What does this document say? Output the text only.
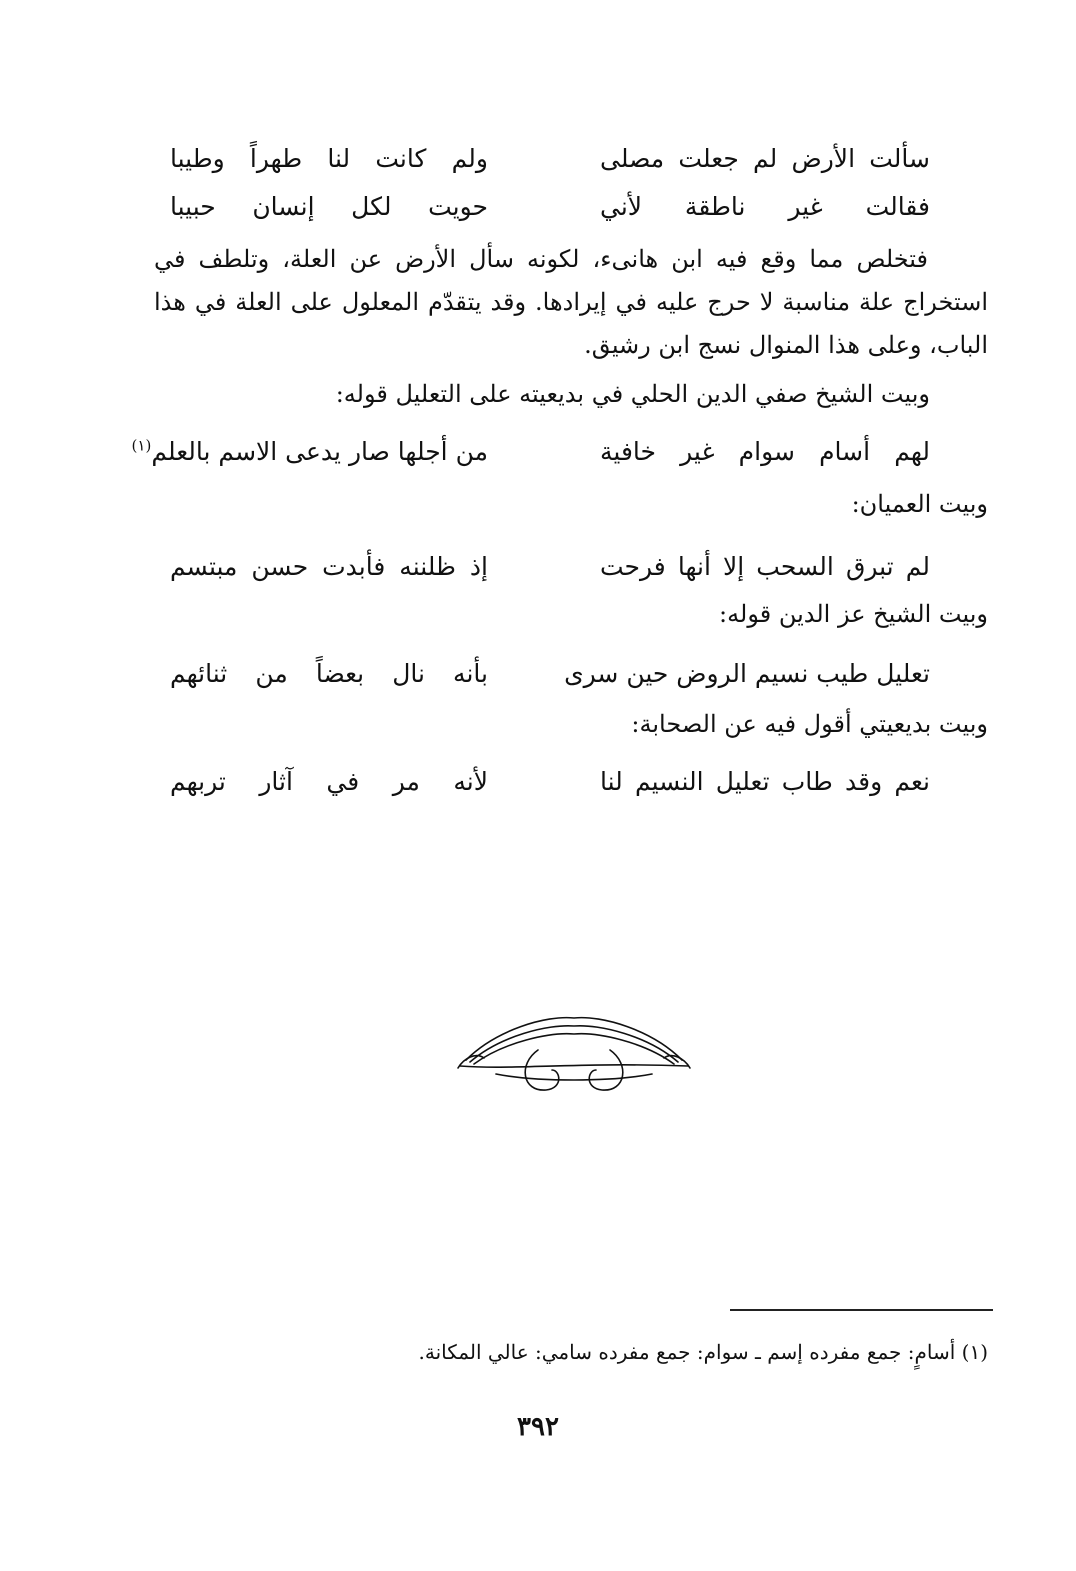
سألت الأرض لم جعلت مصلى
ولم كانت لنا طهراً وطيبا
فقالت غير ناطقة لأني
حويت لكل إنسان حبيبا
فتخلص مما وقع فيه ابن هانىء، لكونه سأل الأرض عن العلة، وتلطف في استخراج علة مناسبة لا حرج عليه في إيرادها. وقد يتقدّم المعلول على العلة في هذا الباب، وعلى هذا المنوال نسج ابن رشيق.
وبيت الشيخ صفي الدين الحلي في بديعيته على التعليل قوله:
لهم أسام سوام غير خافية
من أجلها صار يدعى الاسم بالعلم$^{(١)}$
وبيت العميان:
لم تبرق السحب إلا أنها فرحت
إذ ظلننه فأبدت حسن مبتسم
وبيت الشيخ عز الدين قوله:
تعليل طيب نسيم الروض حين سرى
بأنه نال بعضاً من ثنائهم
وبيت بديعيتي أقول فيه عن الصحابة:
نعم وقد طاب تعليل النسيم لنا
لأنه مر في آثار تربهم
(١) أسامٍ: جمع مفرده إسم ـ سوام: جمع مفرده سامي: عالي المكانة.
٣٩٢
